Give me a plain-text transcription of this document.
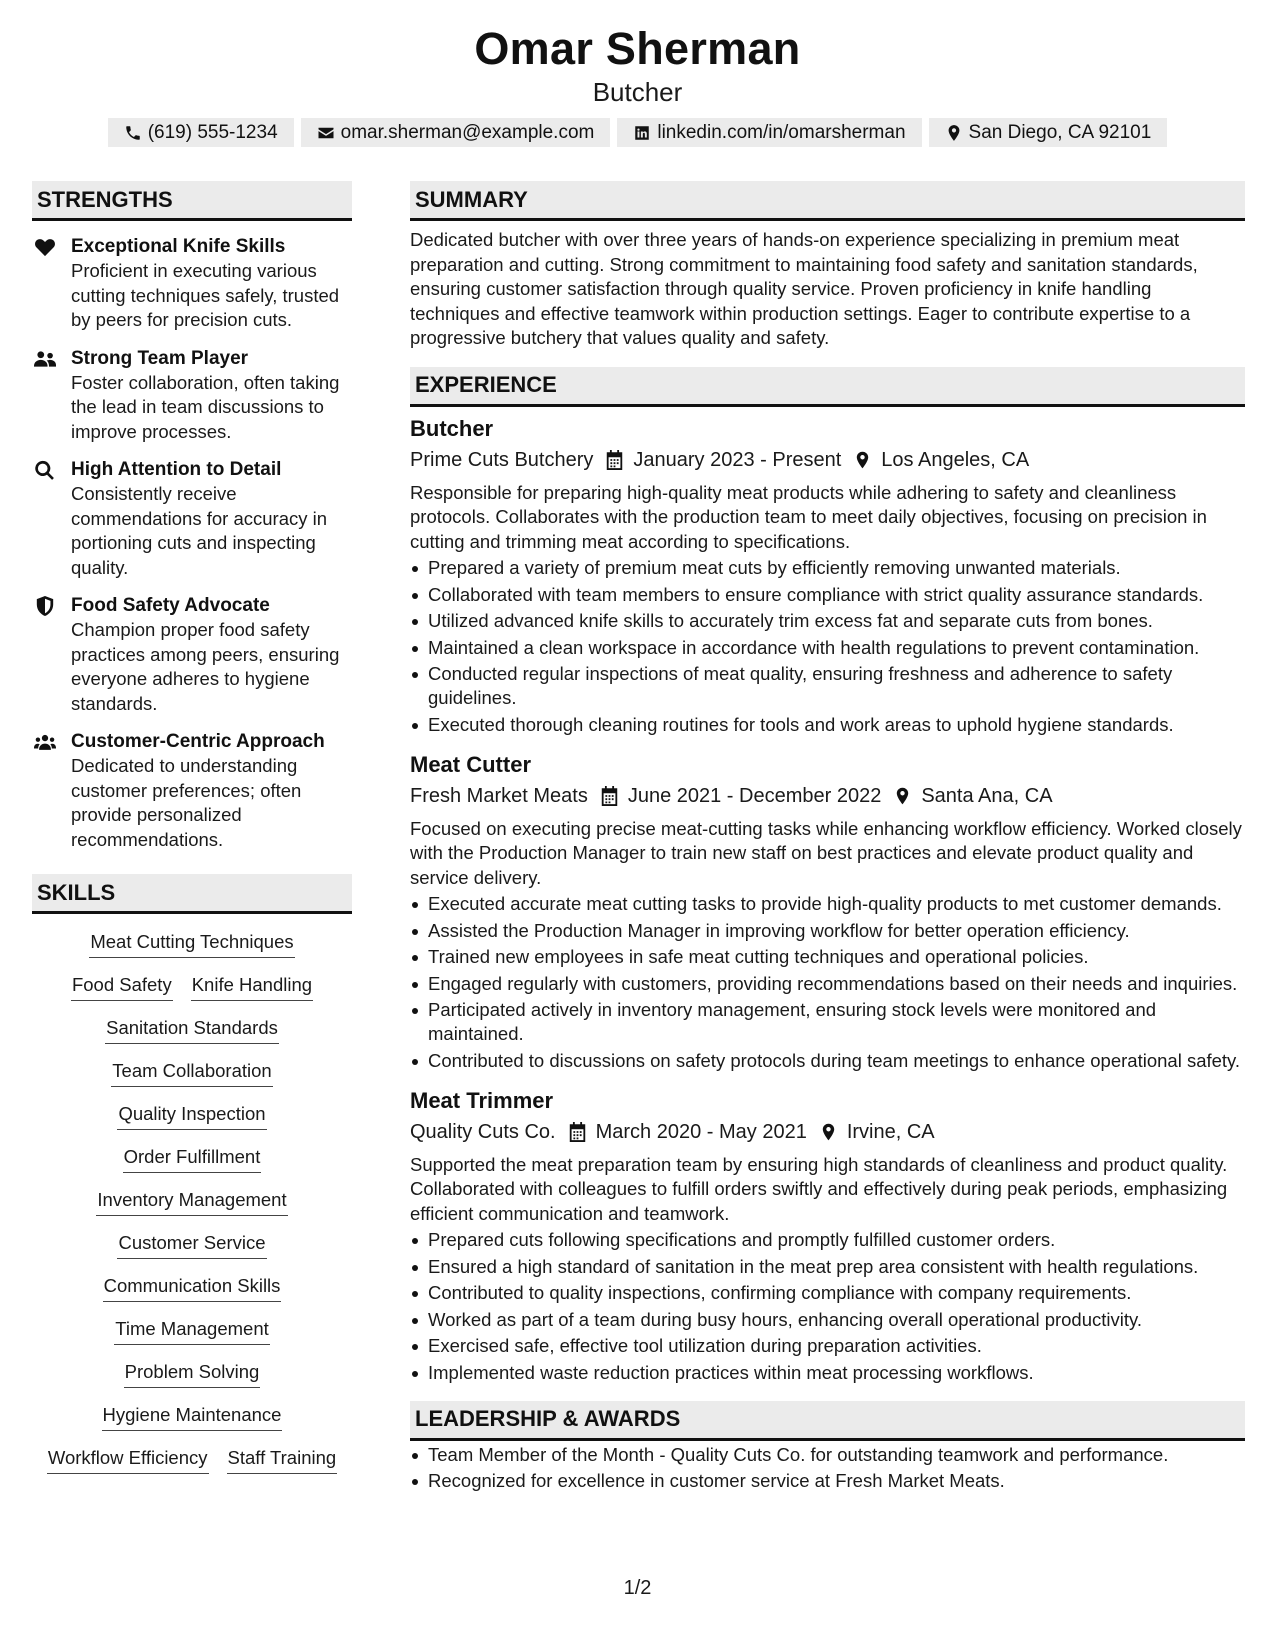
Omar Sherman
Butcher
(619) 555-1234	omar.sherman@example.com	linkedin.com/in/omarsherman	San Diego, CA 92101
STRENGTHS
Exceptional Knife Skills
Proficient in executing various cutting techniques safely, trusted by peers for precision cuts.
Strong Team Player
Foster collaboration, often taking the lead in team discussions to improve processes.
High Attention to Detail
Consistently receive commendations for accuracy in portioning cuts and inspecting quality.
Food Safety Advocate
Champion proper food safety practices among peers, ensuring everyone adheres to hygiene standards.
Customer-Centric Approach
Dedicated to understanding customer preferences; often provide personalized recommendations.
SKILLS
Meat Cutting Techniques
Food Safety Knife Handling
Sanitation Standards
Team Collaboration
Quality Inspection
Order Fulfillment
Inventory Management
Customer Service
Communication Skills
Time Management
Problem Solving
Hygiene Maintenance
Workflow Efficiency Staff Training
SUMMARY
Dedicated butcher with over three years of hands-on experience specializing in premium meat preparation and cutting. Strong commitment to maintaining food safety and sanitation standards, ensuring customer satisfaction through quality service. Proven proficiency in knife handling techniques and effective teamwork within production settings. Eager to contribute expertise to a progressive butchery that values quality and safety.
EXPERIENCE
Butcher
Prime Cuts Butchery January 2023 - Present Los Angeles, CA
Responsible for preparing high-quality meat products while adhering to safety and cleanliness protocols. Collaborates with the production team to meet daily objectives, focusing on precision in cutting and trimming meat according to specifications.
Prepared a variety of premium meat cuts by efficiently removing unwanted materials.
Collaborated with team members to ensure compliance with strict quality assurance standards.
Utilized advanced knife skills to accurately trim excess fat and separate cuts from bones.
Maintained a clean workspace in accordance with health regulations to prevent contamination.
Conducted regular inspections of meat quality, ensuring freshness and adherence to safety guidelines.
Executed thorough cleaning routines for tools and work areas to uphold hygiene standards.
Meat Cutter
Fresh Market Meats June 2021 - December 2022 Santa Ana, CA
Focused on executing precise meat-cutting tasks while enhancing workflow efficiency. Worked closely with the Production Manager to train new staff on best practices and elevate product quality and service delivery.
Executed accurate meat cutting tasks to provide high-quality products to met customer demands.
Assisted the Production Manager in improving workflow for better operation efficiency.
Trained new employees in safe meat cutting techniques and operational policies.
Engaged regularly with customers, providing recommendations based on their needs and inquiries.
Participated actively in inventory management, ensuring stock levels were monitored and maintained.
Contributed to discussions on safety protocols during team meetings to enhance operational safety.
Meat Trimmer
Quality Cuts Co. March 2020 - May 2021 Irvine, CA
Supported the meat preparation team by ensuring high standards of cleanliness and product quality. Collaborated with colleagues to fulfill orders swiftly and effectively during peak periods, emphasizing efficient communication and teamwork.
Prepared cuts following specifications and promptly fulfilled customer orders.
Ensured a high standard of sanitation in the meat prep area consistent with health regulations.
Contributed to quality inspections, confirming compliance with company requirements.
Worked as part of a team during busy hours, enhancing overall operational productivity.
Exercised safe, effective tool utilization during preparation activities.
Implemented waste reduction practices within meat processing workflows.
LEADERSHIP & AWARDS
Team Member of the Month - Quality Cuts Co. for outstanding teamwork and performance.
Recognized for excellence in customer service at Fresh Market Meats.
1/2
